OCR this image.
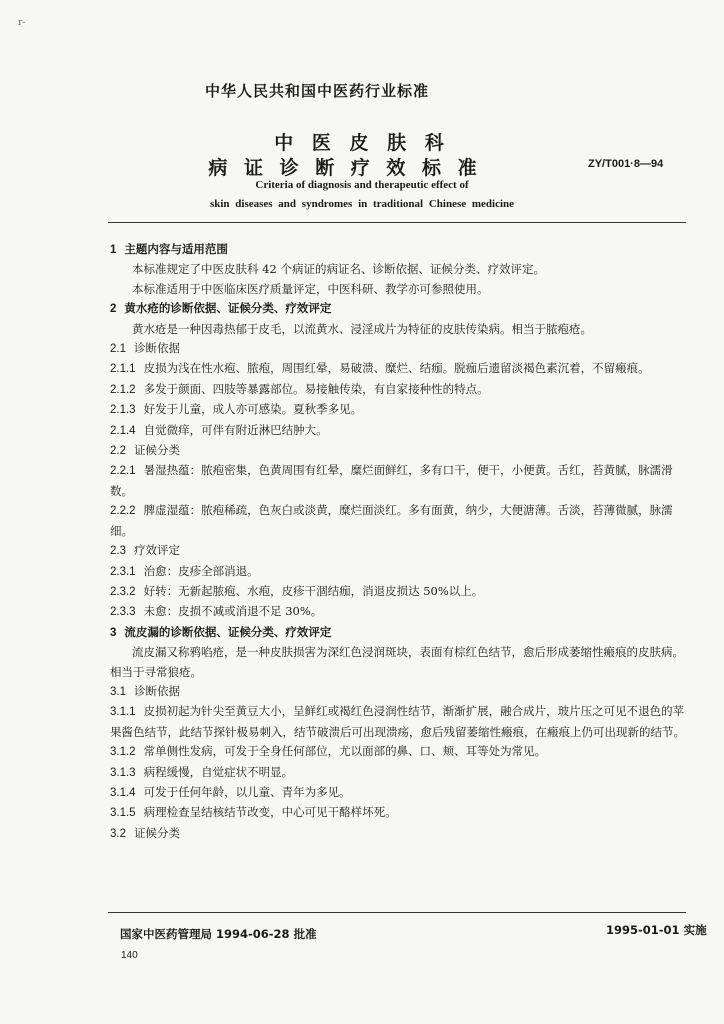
r-
中华人民共和国中医药行业标准
中 医 皮 肤 科
病 证 诊 断 疗 效 标 准	ZY/T001·8—94
Criteria of diagnosis and therapeutic effect of
skin diseases and syndromes in traditional Chinese medicine

1 主题内容与适用范围

本标准规定了中医皮肤科 42 个病证的病证名、诊断依据、证候分类、疗效评定。

本标准适用于中医临床医疗质量评定，中医科研、教学亦可参照使用。

2 黄水疮的诊断依据、证候分类、疗效评定

黄水疮是一种因毒热郁于皮毛，以流黄水、浸淫成片为特征的皮肤传染病。相当于脓疱疮。

2.1 诊断依据

2.1.1 皮损为浅在性水疱、脓疱，周围红晕，易破溃、糜烂、结痂。脱痂后遗留淡褐色素沉着，不留瘢痕。

2.1.2 多发于颜面、四肢等暴露部位。易接触传染，有自家接种性的特点。

2.1.3 好发于儿童，成人亦可感染。夏秋季多见。

2.1.4 自觉微痒，可伴有附近淋巴结肿大。

2.2 证候分类

2.2.1 暑湿热蕴：脓疱密集，色黄周围有红晕，糜烂面鲜红，多有口干，便干，小便黄。舌红，苔黄腻，脉濡滑数。

2.2.2 脾虚湿蕴：脓疱稀疏，色灰白或淡黄，糜烂面淡红。多有面黄，纳少，大便溏薄。舌淡，苔薄微腻，脉濡细。

2.3 疗效评定

2.3.1 治愈：皮疹全部消退。

2.3.2 好转：无新起脓疱、水疱，皮疹干涸结痂，消退皮损达 50%以上。

2.3.3 未愈：皮损不减或消退不足 30%。

3 流皮漏的诊断依据、证候分类、疗效评定

流皮漏又称鸦啗疮，是一种皮肤损害为深红色浸润斑块，表面有棕红色结节，愈后形成萎缩性瘢痕的皮肤病。相当于寻常狼疮。

3.1 诊断依据

3.1.1 皮损初起为针尖至黄豆大小，呈鲜红或褐红色浸润性结节，渐渐扩展，融合成片，玻片压之可见不退色的苹果酱色结节，此结节探针极易刺入，结节破溃后可出现溃疡，愈后残留萎缩性瘢痕，在瘢痕上仍可出现新的结节。

3.1.2 常单侧性发病，可发于全身任何部位，尤以面部的鼻、口、颊、耳等处为常见。

3.1.3 病程缓慢，自觉症状不明显。

3.1.4 可发于任何年龄，以儿童、青年为多见。

3.1.5 病理检查呈结核结节改变，中心可见干酪样坏死。

3.2 证候分类

国家中医药管理局 1994-06-28 批准	1995-01-01 实施
140
